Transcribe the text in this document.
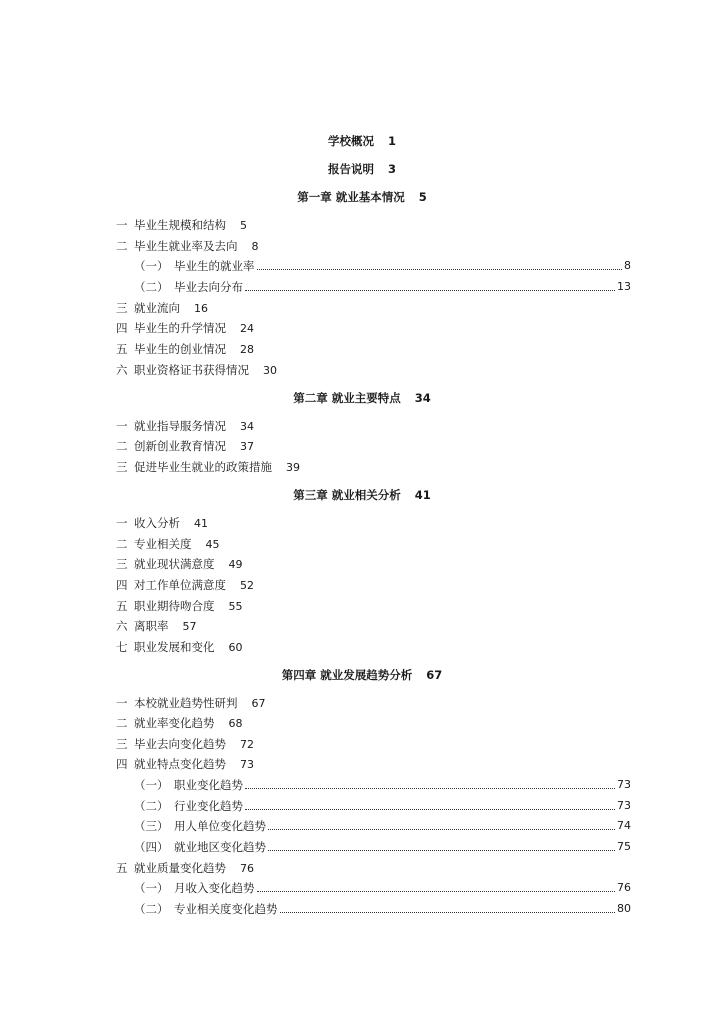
学校概况 1
报告说明 3
第一章 就业基本情况 5
一 毕业生规模和结构 5
二 毕业生就业率及去向 8
（一） 毕业生的就业率	8
（二） 毕业去向分布	13
三 就业流向 16
四 毕业生的升学情况 24
五 毕业生的创业情况 28
六 职业资格证书获得情况 30
第二章 就业主要特点 34
一 就业指导服务情况 34
二 创新创业教育情况 37
三 促进毕业生就业的政策措施 39
第三章 就业相关分析 41
一 收入分析 41
二 专业相关度 45
三 就业现状满意度 49
四 对工作单位满意度 52
五 职业期待吻合度 55
六 离职率 57
七 职业发展和变化 60
第四章 就业发展趋势分析 67
一 本校就业趋势性研判 67
二 就业率变化趋势 68
三 毕业去向变化趋势 72
四 就业特点变化趋势 73
（一） 职业变化趋势	73
（二） 行业变化趋势	73
（三） 用人单位变化趋势	74
（四） 就业地区变化趋势	75
五 就业质量变化趋势 76
（一） 月收入变化趋势	76
（二） 专业相关度变化趋势	80
